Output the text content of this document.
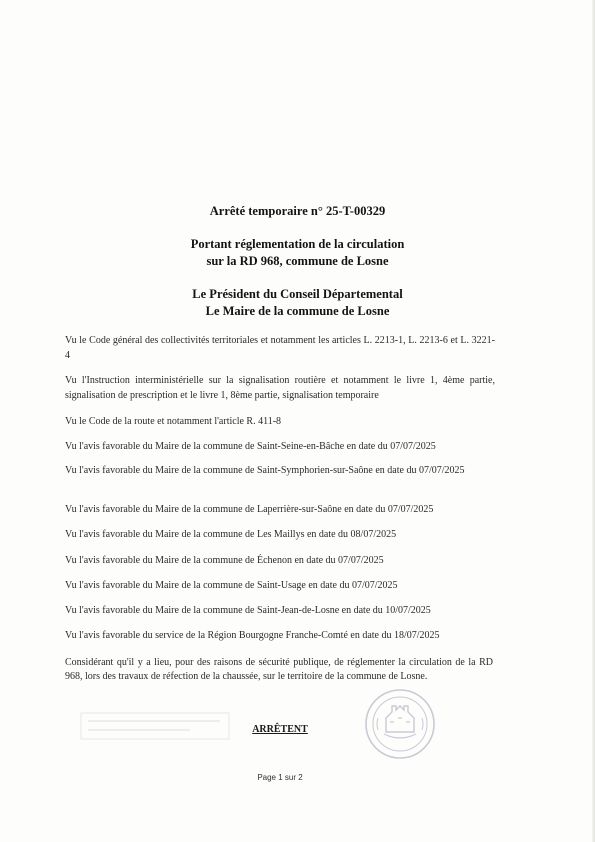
Arrêté temporaire n° 25-T-00329
Portant réglementation de la circulation
sur la RD 968, commune de Losne
Le Président du Conseil Départemental
Le Maire de la commune de Losne
Vu le Code général des collectivités territoriales et notamment les articles L. 2213-1, L. 2213-6 et L. 3221-4
Vu l'Instruction interministérielle sur la signalisation routière et notamment le livre 1, 4ème partie, signalisation de prescription et le livre 1, 8ème partie, signalisation temporaire
Vu le Code de la route et notamment l'article R. 411-8
Vu l'avis favorable du Maire de la commune de Saint-Seine-en-Bâche en date du 07/07/2025
Vu l'avis favorable du Maire de la commune de Saint-Symphorien-sur-Saône en date du 07/07/2025
Vu l'avis favorable du Maire de la commune de Laperrière-sur-Saône en date du 07/07/2025
Vu l'avis favorable du Maire de la commune de Les Maillys en date du 08/07/2025
Vu l'avis favorable du Maire de la commune de Échenon en date du 07/07/2025
Vu l'avis favorable du Maire de la commune de Saint-Usage en date du 07/07/2025
Vu l'avis favorable du Maire de la commune de Saint-Jean-de-Losne en date du 10/07/2025
Vu l'avis favorable du service de la Région Bourgogne Franche-Comté en date du 18/07/2025
Considérant qu'il y a lieu, pour des raisons de sécurité publique, de réglementer la circulation de la RD 968, lors des travaux de réfection de la chaussée, sur le territoire de la commune de Losne.
ARRÊTENT
Page 1 sur 2
